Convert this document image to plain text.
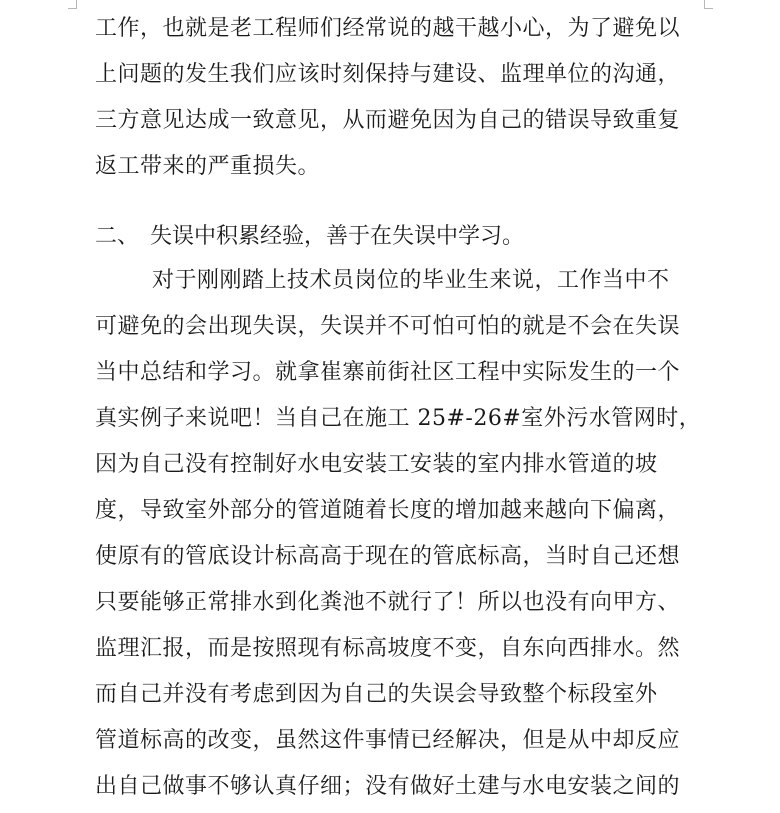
工作，也就是老工程师们经常说的越干越小心，为了避免以
上问题的发生我们应该时刻保持与建设、监理单位的沟通，
三方意见达成一致意见，从而避免因为自己的错误导致重复
返工带来的严重损失。
二、 失误中积累经验，善于在失误中学习。
对于刚刚踏上技术员岗位的毕业生来说，工作当中不
可避免的会出现失误，失误并不可怕可怕的就是不会在失误
当中总结和学习。就拿崔寨前街社区工程中实际发生的一个
真实例子来说吧！当自己在施工 25#-26#室外污水管网时，
因为自己没有控制好水电安装工安装的室内排水管道的坡
度，导致室外部分的管道随着长度的增加越来越向下偏离，
使原有的管底设计标高高于现在的管底标高，当时自己还想
只要能够正常排水到化粪池不就行了！所以也没有向甲方、
监理汇报，而是按照现有标高坡度不变，自东向西排水。然
而自己并没有考虑到因为自己的失误会导致整个标段室外
管道标高的改变，虽然这件事情已经解决，但是从中却反应
出自己做事不够认真仔细；没有做好土建与水电安装之间的
